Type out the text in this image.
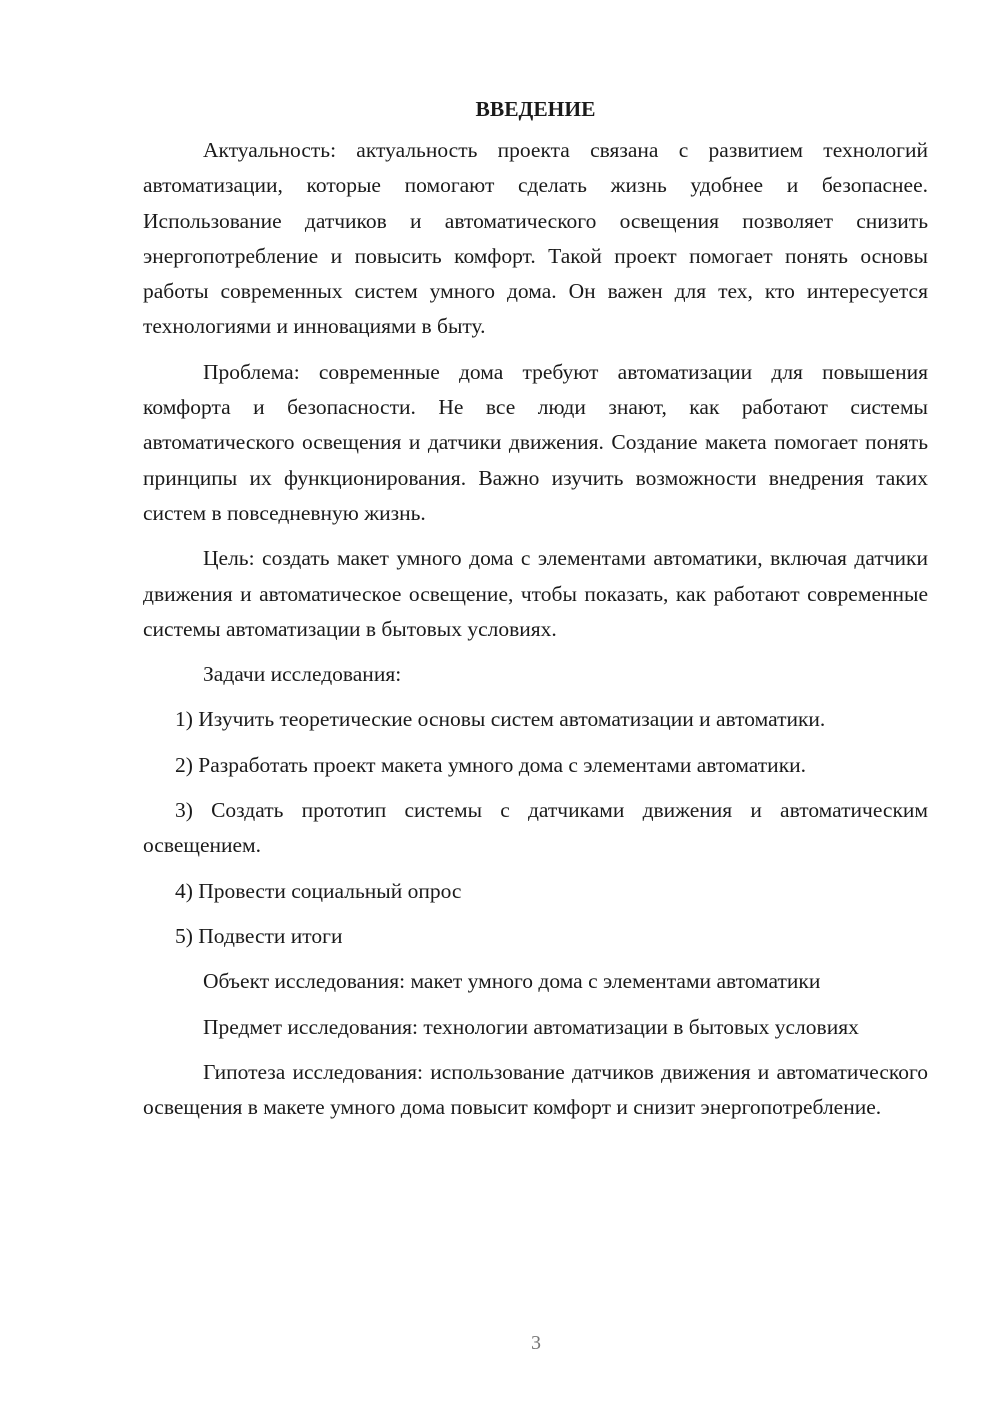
ВВЕДЕНИЕ

Актуальность: актуальность проекта связана с развитием технологий автоматизации, которые помогают сделать жизнь удобнее и безопаснее. Использование датчиков и автоматического освещения позволяет снизить энергопотребление и повысить комфорт. Такой проект помогает понять основы работы современных систем умного дома. Он важен для тех, кто интересуется технологиями и инновациями в быту.

Проблема: современные дома требуют автоматизации для повышения комфорта и безопасности. Не все люди знают, как работают системы автоматического освещения и датчики движения. Создание макета помогает понять принципы их функционирования. Важно изучить возможности внедрения таких систем в повседневную жизнь.

Цель: создать макет умного дома с элементами автоматики, включая датчики движения и автоматическое освещение, чтобы показать, как работают современные системы автоматизации в бытовых условиях.

Задачи исследования:

1) Изучить теоретические основы систем автоматизации и автоматики.

2) Разработать проект макета умного дома с элементами автоматики.

3) Создать прототип системы с датчиками движения и автоматическим освещением.

4) Провести социальный опрос

5) Подвести итоги

Объект исследования: макет умного дома с элементами автоматики

Предмет исследования: технологии автоматизации в бытовых условиях

Гипотеза исследования: использование датчиков движения и автоматического освещения в макете умного дома повысит комфорт и снизит энергопотребление.

3
